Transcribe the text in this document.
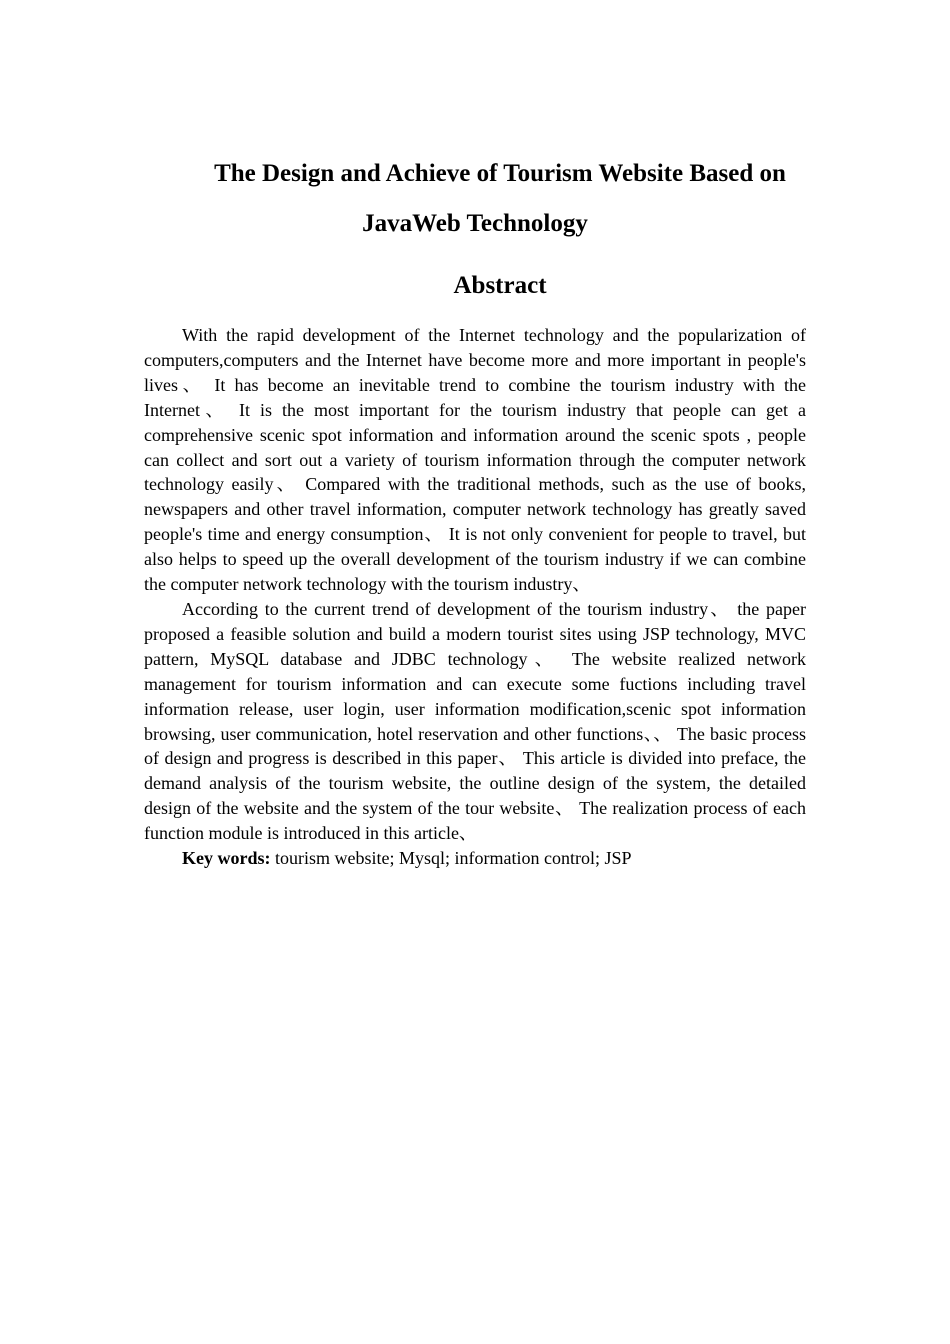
The Design and Achieve of Tourism Website Based on
JavaWeb Technology
Abstract

With the rapid development of the Internet technology and the popularization of computers,computers and the Internet have become more and more important in people's lives、 It has become an inevitable trend to combine the tourism industry with the Internet、 It is the most important for the tourism industry that people can get a comprehensive scenic spot information and information around the scenic spots , people can collect and sort out a variety of tourism information through the computer network technology easily、 Compared with the traditional methods, such as the use of books, newspapers and other travel information, computer network technology has greatly saved people's time and energy consumption、 It is not only convenient for people to travel, but also helps to speed up the overall development of the tourism industry if we can combine the computer network technology with the tourism industry、

According to the current trend of development of the tourism industry、 the paper proposed a feasible solution and build a modern tourist sites using JSP technology, MVC pattern, MySQL database and JDBC technology、 The website realized network management for tourism information and can execute some fuctions including travel information release, user login, user information modification,scenic spot information browsing, user communication, hotel reservation and other functions、、 The basic process of design and progress is described in this paper、 This article is divided into preface, the demand analysis of the tourism website, the outline design of the system, the detailed design of the website and the system of the tour website、 The realization process of each function module is introduced in this article、

Key words: tourism website; Mysql; information control; JSP
